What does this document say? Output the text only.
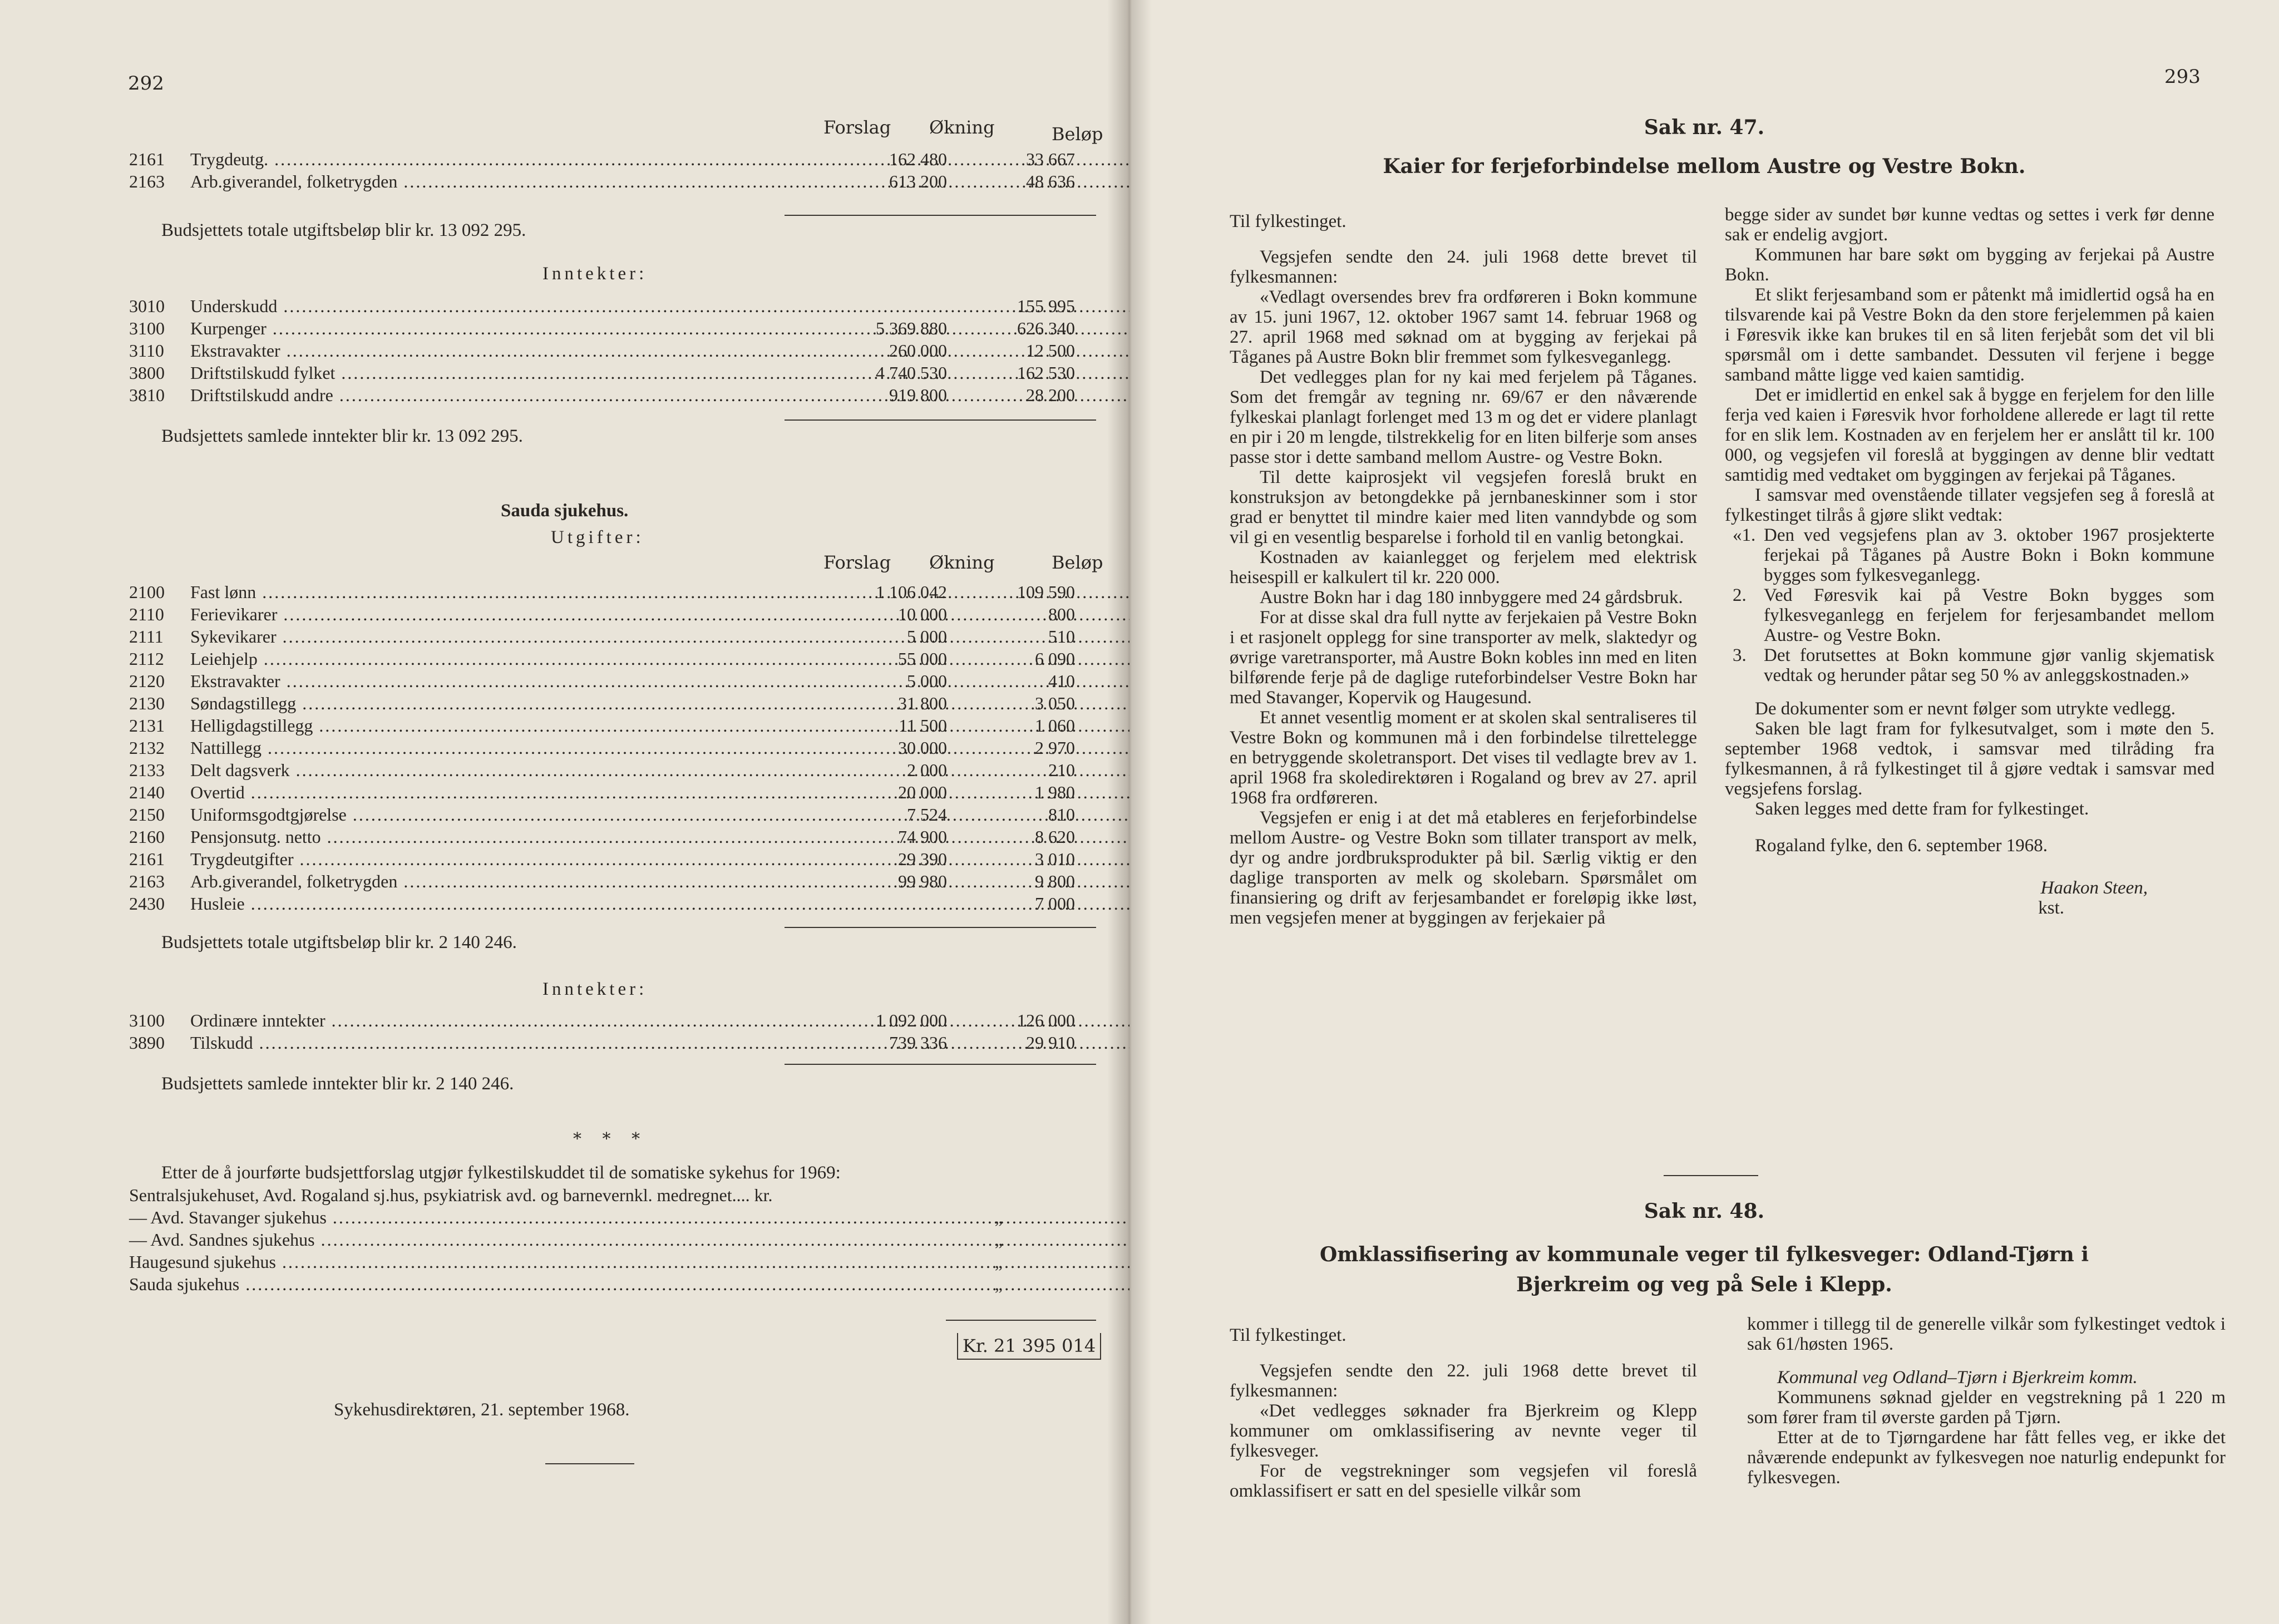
292
Forslag Økning	Beløp
2161	Trygdeutg. .....	162 480	33 667
2163	Arb.giverandel, folketrygden .....	613 200	48 636
Budsjettets totale utgiftsbeløp blir kr. 13 092 295.
Inntekter:
3010	Underskudd .....	155 995
3100	Kurpenger .....	5 369 880	626 340
3110	Ekstravakter .....	260 000	12 500
3800	Driftstilskudd fylket .....	4 740 530	162 530
3810	Driftstilskudd andre .....	919 800	28 200
Budsjettets samlede inntekter blir kr. 13 092 295.
Sauda sjukehus.
Utgifter:
Forslag Økning	Beløp
2100	Fast lønn .....	1 106 042	109 590
2110	Ferievikarer .....	10 000	800
2111	Sykevikarer .....	5 000	510
2112	Leiehjelp .....	55 000	6 090
2120	Ekstravakter .....	5 000	410
2130	Søndagstillegg .....	31 800	3 050
2131	Helligdagstillegg .....	11 500	1 060
2132	Nattillegg .....	30 000	2 970
2133	Delt dagsverk .....	2 000	210
2140	Overtid .....	20 000	1 980
2150	Uniformsgodtgjørelse .....	7 524	810
2160	Pensjonsutg. netto .....	74 900	8 620
2161	Trygdeutgifter .....	29 390	3 010
2163	Arb.giverandel, folketrygden .....	99 980	9 800
2430	Husleie .....	7 000
Budsjettets totale utgiftsbeløp blir kr. 2 140 246.
Inntekter:
3100	Ordinære inntekter .....	1 092 000	126 000
3890	Tilskudd .....	739 336	29 910
Budsjettets samlede inntekter blir kr. 2 140 246.
* * *
Etter de å jourførte budsjettforslag utgjør fylkestilskuddet til de somatiske sykehus for 1969:
Sentralsjukehuset, Avd. Rogaland sj.hus, psykiatrisk avd. og barnevernkl. medregnet.... kr.
— Avd. Stavanger sjukehus .....	„
— Avd. Sandnes sjukehus .....	„
Haugesund sjukehus .....	„
Sauda sjukehus .....	„
Kr. 21 395 014
Sykehusdirektøren, 21. september 1968.
293
Sak nr. 47.
Kaier for ferjeforbindelse mellom Austre og Vestre Bokn.

Til fylkestinget.

Vegsjefen sendte den 24. juli 1968 dette brevet til fylkesmannen:

«Vedlagt oversendes brev fra ordføreren i Bokn kommune av 15. juni 1967, 12. oktober 1967 samt 14. februar 1968 og 27. april 1968 med søknad om at bygging av ferjekai på Tåganes på Austre Bokn blir fremmet som fylkesveganlegg.

Det vedlegges plan for ny kai med ferjelem på Tåganes. Som det fremgår av tegning nr. 69/67 er den nåværende fylkeskai planlagt forlenget med 13 m og det er videre planlagt en pir i 20 m lengde, tilstrekkelig for en liten bilferje som anses passe stor i dette samband mellom Austre- og Vestre Bokn.

Til dette kaiprosjekt vil vegsjefen foreslå brukt en konstruksjon av betongdekke på jernbaneskinner som i stor grad er benyttet til mindre kaier med liten vanndybde og som vil gi en vesentlig besparelse i forhold til en vanlig betongkai.

Kostnaden av kaianlegget og ferjelem med elektrisk heisespill er kalkulert til kr. 220 000.

Austre Bokn har i dag 180 innbyggere med 24 gårdsbruk.

For at disse skal dra full nytte av ferjekaien på Vestre Bokn i et rasjonelt opplegg for sine transporter av melk, slaktedyr og øvrige varetransporter, må Austre Bokn kobles inn med en liten bilførende ferje på de daglige ruteforbindelser Vestre Bokn har med Stavanger, Kopervik og Haugesund.

Et annet vesentlig moment er at skolen skal sentraliseres til Vestre Bokn og kommunen må i den forbindelse tilrettelegge en betryggende skoletransport. Det vises til vedlagte brev av 1. april 1968 fra skoledirektøren i Rogaland og brev av 27. april 1968 fra ordføreren.

Vegsjefen er enig i at det må etableres en ferjeforbindelse mellom Austre- og Vestre Bokn som tillater transport av melk, dyr og andre jordbruksprodukter på bil. Særlig viktig er den daglige transporten av melk og skolebarn. Spørsmålet om finansiering og drift av ferjesambandet er foreløpig ikke løst, men vegsjefen mener at byggingen av ferjekaier på

begge sider av sundet bør kunne vedtas og settes i verk før denne sak er endelig avgjort.

Kommunen har bare søkt om bygging av ferjekai på Austre Bokn.

Et slikt ferjesamband som er påtenkt må imidlertid også ha en tilsvarende kai på Vestre Bokn da den store ferjelemmen på kaien i Føresvik ikke kan brukes til en så liten ferjebåt som det vil bli spørsmål om i dette sambandet. Dessuten vil ferjene i begge samband måtte ligge ved kaien samtidig.

Det er imidlertid en enkel sak å bygge en ferjelem for den lille ferja ved kaien i Føresvik hvor forholdene allerede er lagt til rette for en slik lem. Kostnaden av en ferjelem her er anslått til kr. 100 000, og vegsjefen vil foreslå at byggingen av denne blir vedtatt samtidig med vedtaket om byggingen av ferjekai på Tåganes.

I samsvar med ovenstående tillater vegsjefen seg å foreslå at fylkestinget tilrås å gjøre slikt vedtak:

«1. Den ved vegsjefens plan av 3. oktober 1967 prosjekterte ferjekai på Tåganes på Austre Bokn i Bokn kommune bygges som fylkesveganlegg.

2. Ved Føresvik kai på Vestre Bokn bygges som fylkesveganlegg en ferjelem for ferjesambandet mellom Austre- og Vestre Bokn.

3. Det forutsettes at Bokn kommune gjør vanlig skjematisk vedtak og herunder påtar seg 50 % av anleggskostnaden.»

De dokumenter som er nevnt følger som utrykte vedlegg.

Saken ble lagt fram for fylkesutvalget, som i møte den 5. september 1968 vedtok, i samsvar med tilråding fra fylkesmannen, å rå fylkestinget til å gjøre vedtak i samsvar med vegsjefens forslag.

Saken legges med dette fram for fylkestinget.

Rogaland fylke, den 6. september 1968.

Haakon Steen,
kst.
Sak nr. 48.
Omklassifisering av kommunale veger til fylkesveger: Odland-Tjørn i
Bjerkreim og veg på Sele i Klepp.

Til fylkestinget.

Vegsjefen sendte den 22. juli 1968 dette brevet til fylkesmannen:

«Det vedlegges søknader fra Bjerkreim og Klepp kommuner om omklassifisering av nevnte veger til fylkesveger.

For de vegstrekninger som vegsjefen vil foreslå omklassifisert er satt en del spesielle vilkår som

kommer i tillegg til de generelle vilkår som fylkestinget vedtok i sak 61/høsten 1965.

Kommunal veg Odland–Tjørn i Bjerkreim komm.

Kommunens søknad gjelder en vegstrekning på 1 220 m som fører fram til øverste garden på Tjørn.

Etter at de to Tjørngardene har fått felles veg, er ikke det nåværende endepunkt av fylkesvegen noe naturlig endepunkt for fylkesvegen.
